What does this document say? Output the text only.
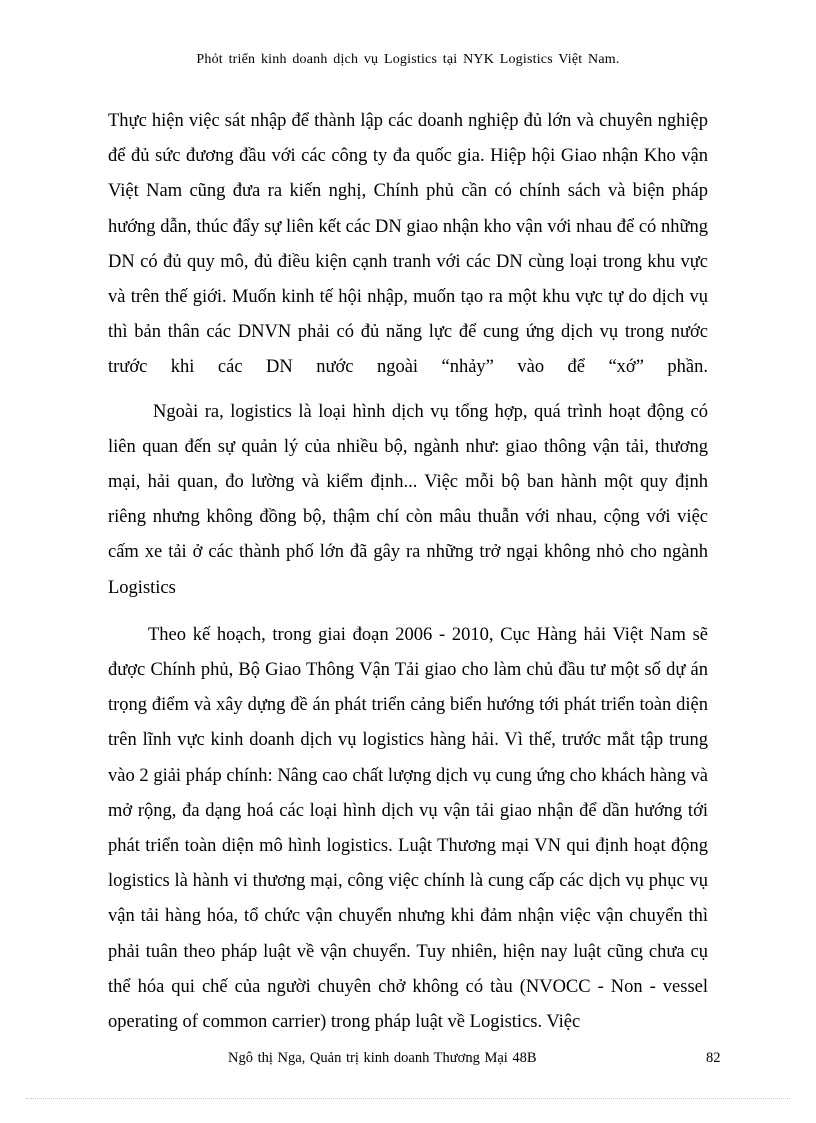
Phỏt triển kinh doanh dịch vụ Logistics tại NYK Logistics Việt Nam.

Thực hiện việc sát nhập để thành lập các doanh nghiệp đủ lớn và chuyên nghiệp để đủ sức đương đầu với các công ty đa quốc gia. Hiệp hội Giao nhận Kho vận Việt Nam cũng đưa ra kiến nghị, Chính phủ cần có chính sách và biện pháp hướng dẫn, thúc đẩy sự liên kết các DN giao nhận kho vận với nhau để có những DN có đủ quy mô, đủ điều kiện cạnh tranh với các DN cùng loại trong khu vực và trên thế giới. Muốn kinh tế hội nhập, muốn tạo ra một khu vực tự do dịch vụ thì bản thân các DNVN phải có đủ năng lực để cung ứng dịch vụ trong nước trước khi các DN nước ngoài “nhảy” vào để “xớ” phần.

Ngoài ra, logistics là loại hình dịch vụ tổng hợp, quá trình hoạt động có liên quan đến sự quản lý của nhiều bộ, ngành như: giao thông vận tải, thương mại, hải quan, đo lường và kiểm định... Việc mỗi bộ ban hành một quy định riêng nhưng không đồng bộ, thậm chí còn mâu thuẫn với nhau, cộng với việc cấm xe tải ở các thành phố lớn đã gây ra những trở ngại không nhỏ cho ngành Logistics

Theo kế hoạch, trong giai đoạn 2006 - 2010, Cục Hàng hải Việt Nam sẽ được Chính phủ, Bộ Giao Thông Vận Tải giao cho làm chủ đầu tư một số dự án trọng điểm và xây dựng đề án phát triển cảng biển hướng tới phát triển toàn diện trên lĩnh vực kinh doanh dịch vụ logistics hàng hải. Vì thế, trước mắt tập trung vào 2 giải pháp chính: Nâng cao chất lượng dịch vụ cung ứng cho khách hàng và mở rộng, đa dạng hoá các loại hình dịch vụ vận tải giao nhận để dần hướng tới phát triển toàn diện mô hình logistics. Luật Thương mại VN qui định hoạt động logistics là hành vi thương mại, công việc chính là cung cấp các dịch vụ phục vụ vận tải hàng hóa, tổ chức vận chuyển nhưng khi đảm nhận việc vận chuyển thì phải tuân theo pháp luật về vận chuyển. Tuy nhiên, hiện nay luật cũng chưa cụ thể hóa qui chế của người chuyên chở không có tàu (NVOCC - Non - vessel operating of common carrier) trong pháp luật về Logistics. Việc

Ngô thị Nga, Quản trị kinh doanh Thương Mại 48B	82
